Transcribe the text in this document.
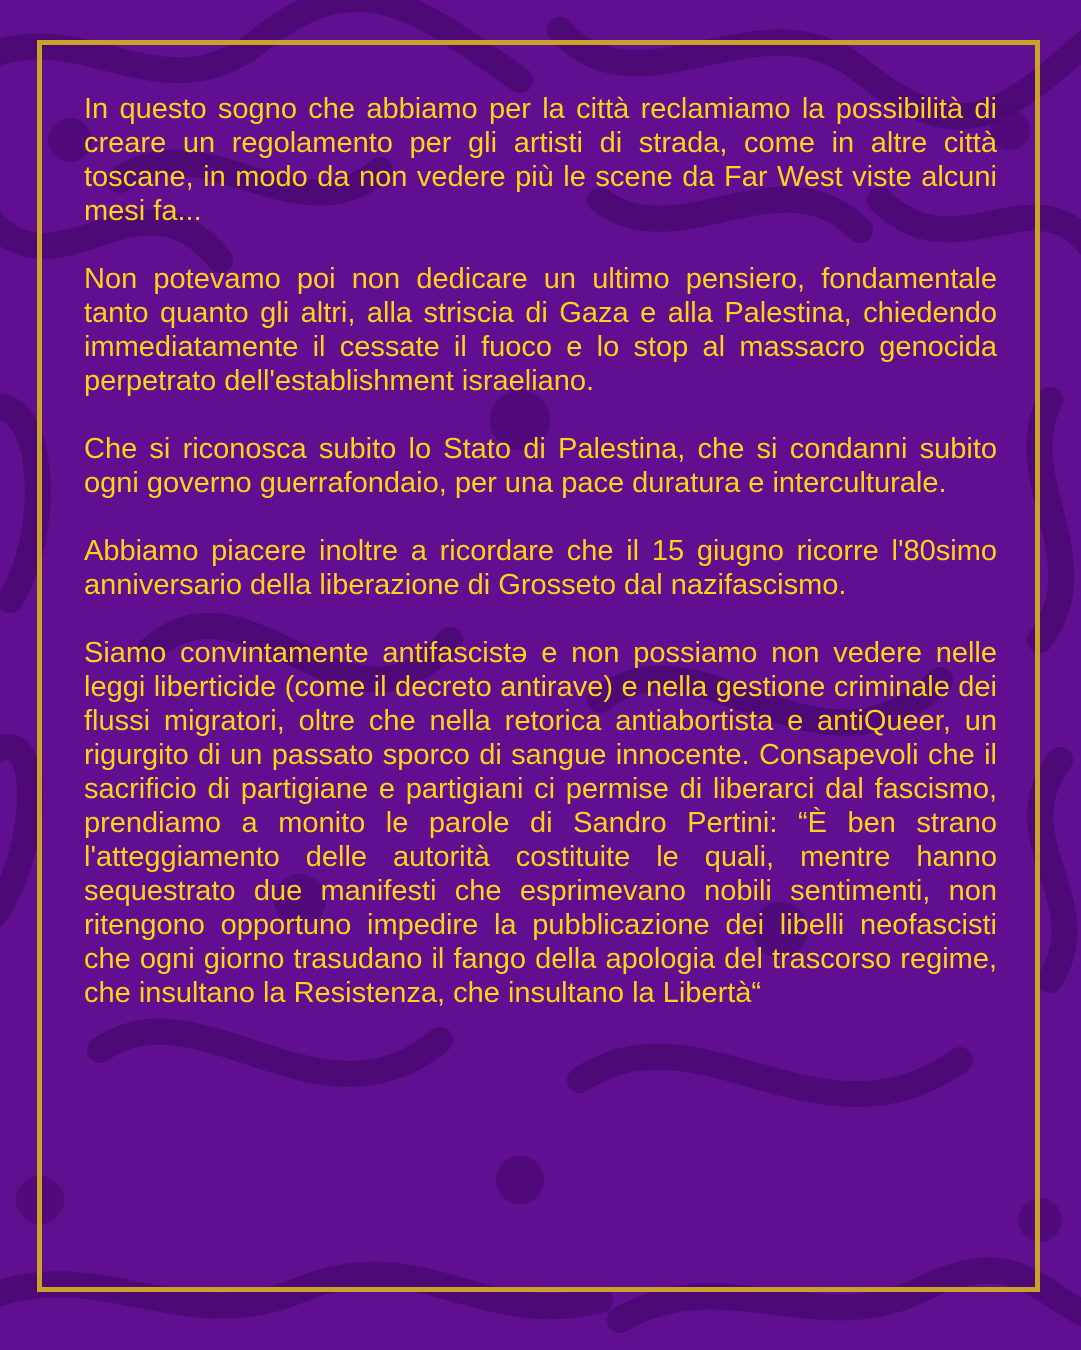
In questo sogno che abbiamo per la città reclamiamo la possibilità di creare un regolamento per gli artisti di strada, come in altre città toscane, in modo da non vedere più le scene da Far West viste alcuni mesi fa...

Non potevamo poi non dedicare un ultimo pensiero, fondamentale tanto quanto gli altri, alla striscia di Gaza e alla Palestina, chiedendo immediatamente il cessate il fuoco e lo stop al massacro genocida perpetrato dell'establishment israeliano.

Che si riconosca subito lo Stato di Palestina, che si condanni subito ogni governo guerrafondaio, per una pace duratura e interculturale.

Abbiamo piacere inoltre a ricordare che il 15 giugno ricorre l'80simo anniversario della liberazione di Grosseto dal nazifascismo.

Siamo convintamente antifascistə e non possiamo non vedere nelle leggi liberticide (come il decreto antirave) e nella gestione criminale dei flussi migratori, oltre che nella retorica antiabortista e antiQueer, un rigurgito di un passato sporco di sangue innocente. Consapevoli che il sacrificio di partigiane e partigiani ci permise di liberarci dal fascismo, prendiamo a monito le parole di Sandro Pertini: “È ben strano l'atteggiamento delle autorità costituite le quali, mentre hanno sequestrato due manifesti che esprimevano nobili sentimenti, non ritengono opportuno impedire la pubblicazione dei libelli neofascisti che ogni giorno trasudano il fango della apologia del trascorso regime, che insultano la Resistenza, che insultano la Libertà“
